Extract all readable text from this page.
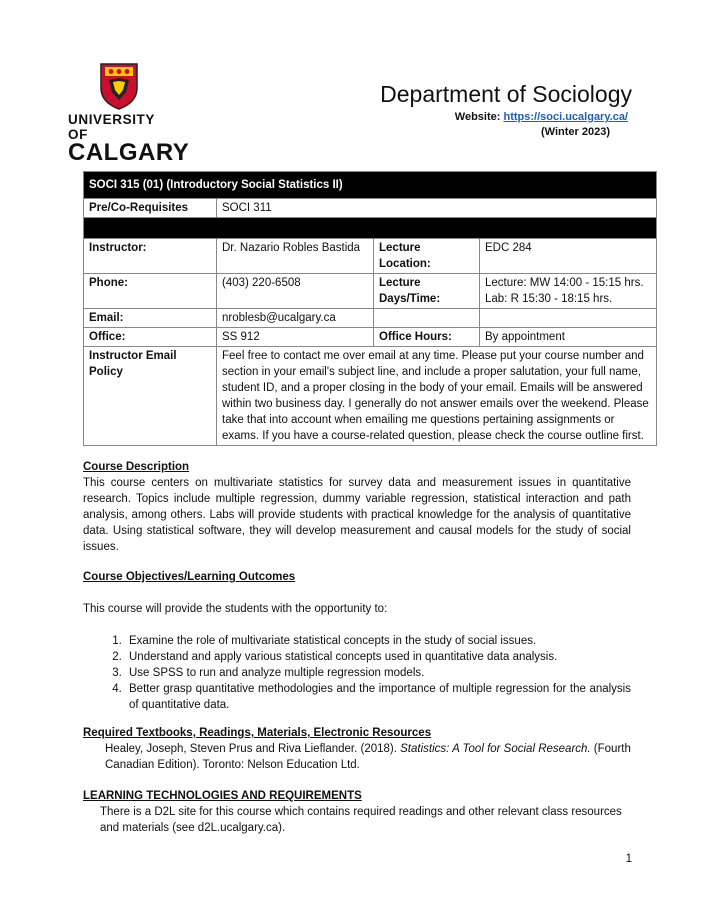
UNIVERSITY OF
CALGARY
Department of Sociology
Website: https://soci.ucalgary.ca/
(Winter 2023)
SOCI 315 (01) (Introductory Social Statistics II)			
Pre/Co-Requisites	SOCI 311		

Instructor:	Dr. Nazario Robles Bastida	Lecture Location:	EDC 284
Phone:	(403) 220-6508	Lecture Days/Time:	Lecture: MW 14:00 - 15:15 hrs.
Lab: R 15:30 - 18:15 hrs.

Email:	nroblesb@ucalgary.ca		
Office:	SS 912	Office Hours:	By appointment
Instructor Email Policy	Feel free to contact me over email at any time. Please put your course number and section in your email's subject line, and include a proper salutation, your full name, student ID, and a proper closing in the body of your email. Emails will be answered within two business day. I generally do not answer emails over the weekend. Please take that into account when emailing me questions pertaining assignments or exams. If you have a course-related question, please check the course outline first.		
Course Description
This course centers on multivariate statistics for survey data and measurement issues in quantitative research. Topics include multiple regression, dummy variable regression, statistical interaction and path analysis, among others. Labs will provide students with practical knowledge for the analysis of quantitative data. Using statistical software, they will develop measurement and causal models for the study of social issues.
Course Objectives/Learning Outcomes
This course will provide the students with the opportunity to:
1. Examine the role of multivariate statistical concepts in the study of social issues.
2. Understand and apply various statistical concepts used in quantitative data analysis.
3. Use SPSS to run and analyze multiple regression models.
4. Better grasp quantitative methodologies and the importance of multiple regression for the analysis of quantitative data.
Required Textbooks, Readings, Materials, Electronic Resources
Healey, Joseph, Steven Prus and Riva Lieflander. (2018). Statistics: A Tool for Social Research. (Fourth Canadian Edition). Toronto: Nelson Education Ltd.
LEARNING TECHNOLOGIES AND REQUIREMENTS
There is a D2L site for this course which contains required readings and other relevant class resources and materials (see d2L.ucalgary.ca).
1
